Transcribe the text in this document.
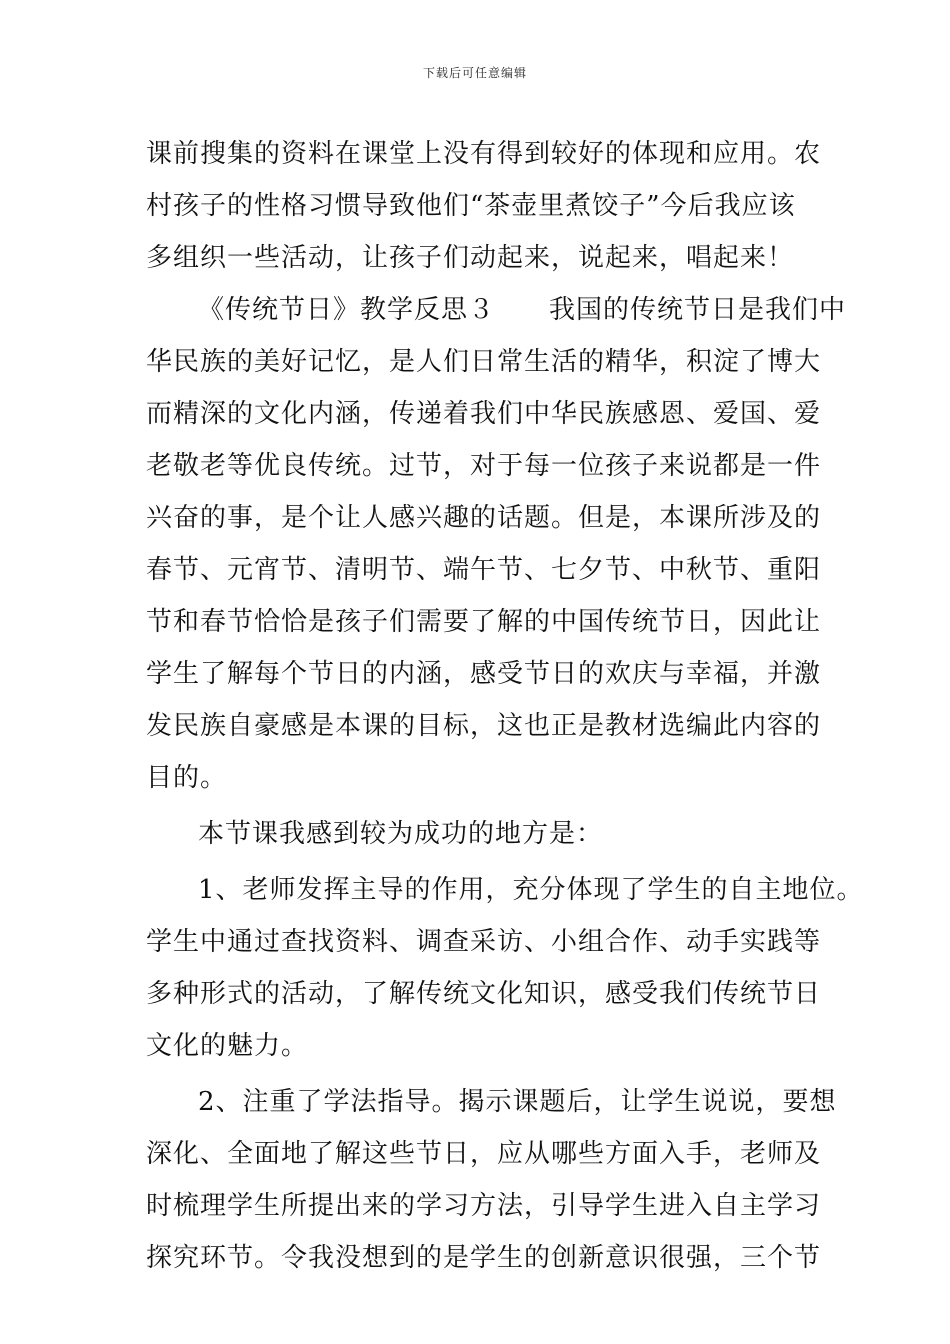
下载后可任意编辑
课前搜集的资料在课堂上没有得到较好的体现和应用。农
村孩子的性格习惯导致他们“茶壶里煮饺子”今后我应该
多组织一些活动，让孩子们动起来，说起来，唱起来！
《传统节日》教学反思３　　我国的传统节日是我们中
华民族的美好记忆，是人们日常生活的精华，积淀了博大
而精深的文化内涵，传递着我们中华民族感恩、爱国、爱
老敬老等优良传统。过节，对于每一位孩子来说都是一件
兴奋的事，是个让人感兴趣的话题。但是，本课所涉及的
春节、元宵节、清明节、端午节、七夕节、中秋节、重阳
节和春节恰恰是孩子们需要了解的中国传统节日，因此让
学生了解每个节日的内涵，感受节日的欢庆与幸福，并激
发民族自豪感是本课的目标，这也正是教材选编此内容的
目的。
本节课我感到较为成功的地方是：
1、老师发挥主导的作用，充分体现了学生的自主地位。
学生中通过查找资料、调查采访、小组合作、动手实践等
多种形式的活动，了解传统文化知识，感受我们传统节日
文化的魅力。
2、注重了学法指导。揭示课题后，让学生说说，要想
深化、全面地了解这些节日，应从哪些方面入手，老师及
时梳理学生所提出来的学习方法，引导学生进入自主学习
探究环节。令我没想到的是学生的创新意识很强，三个节
